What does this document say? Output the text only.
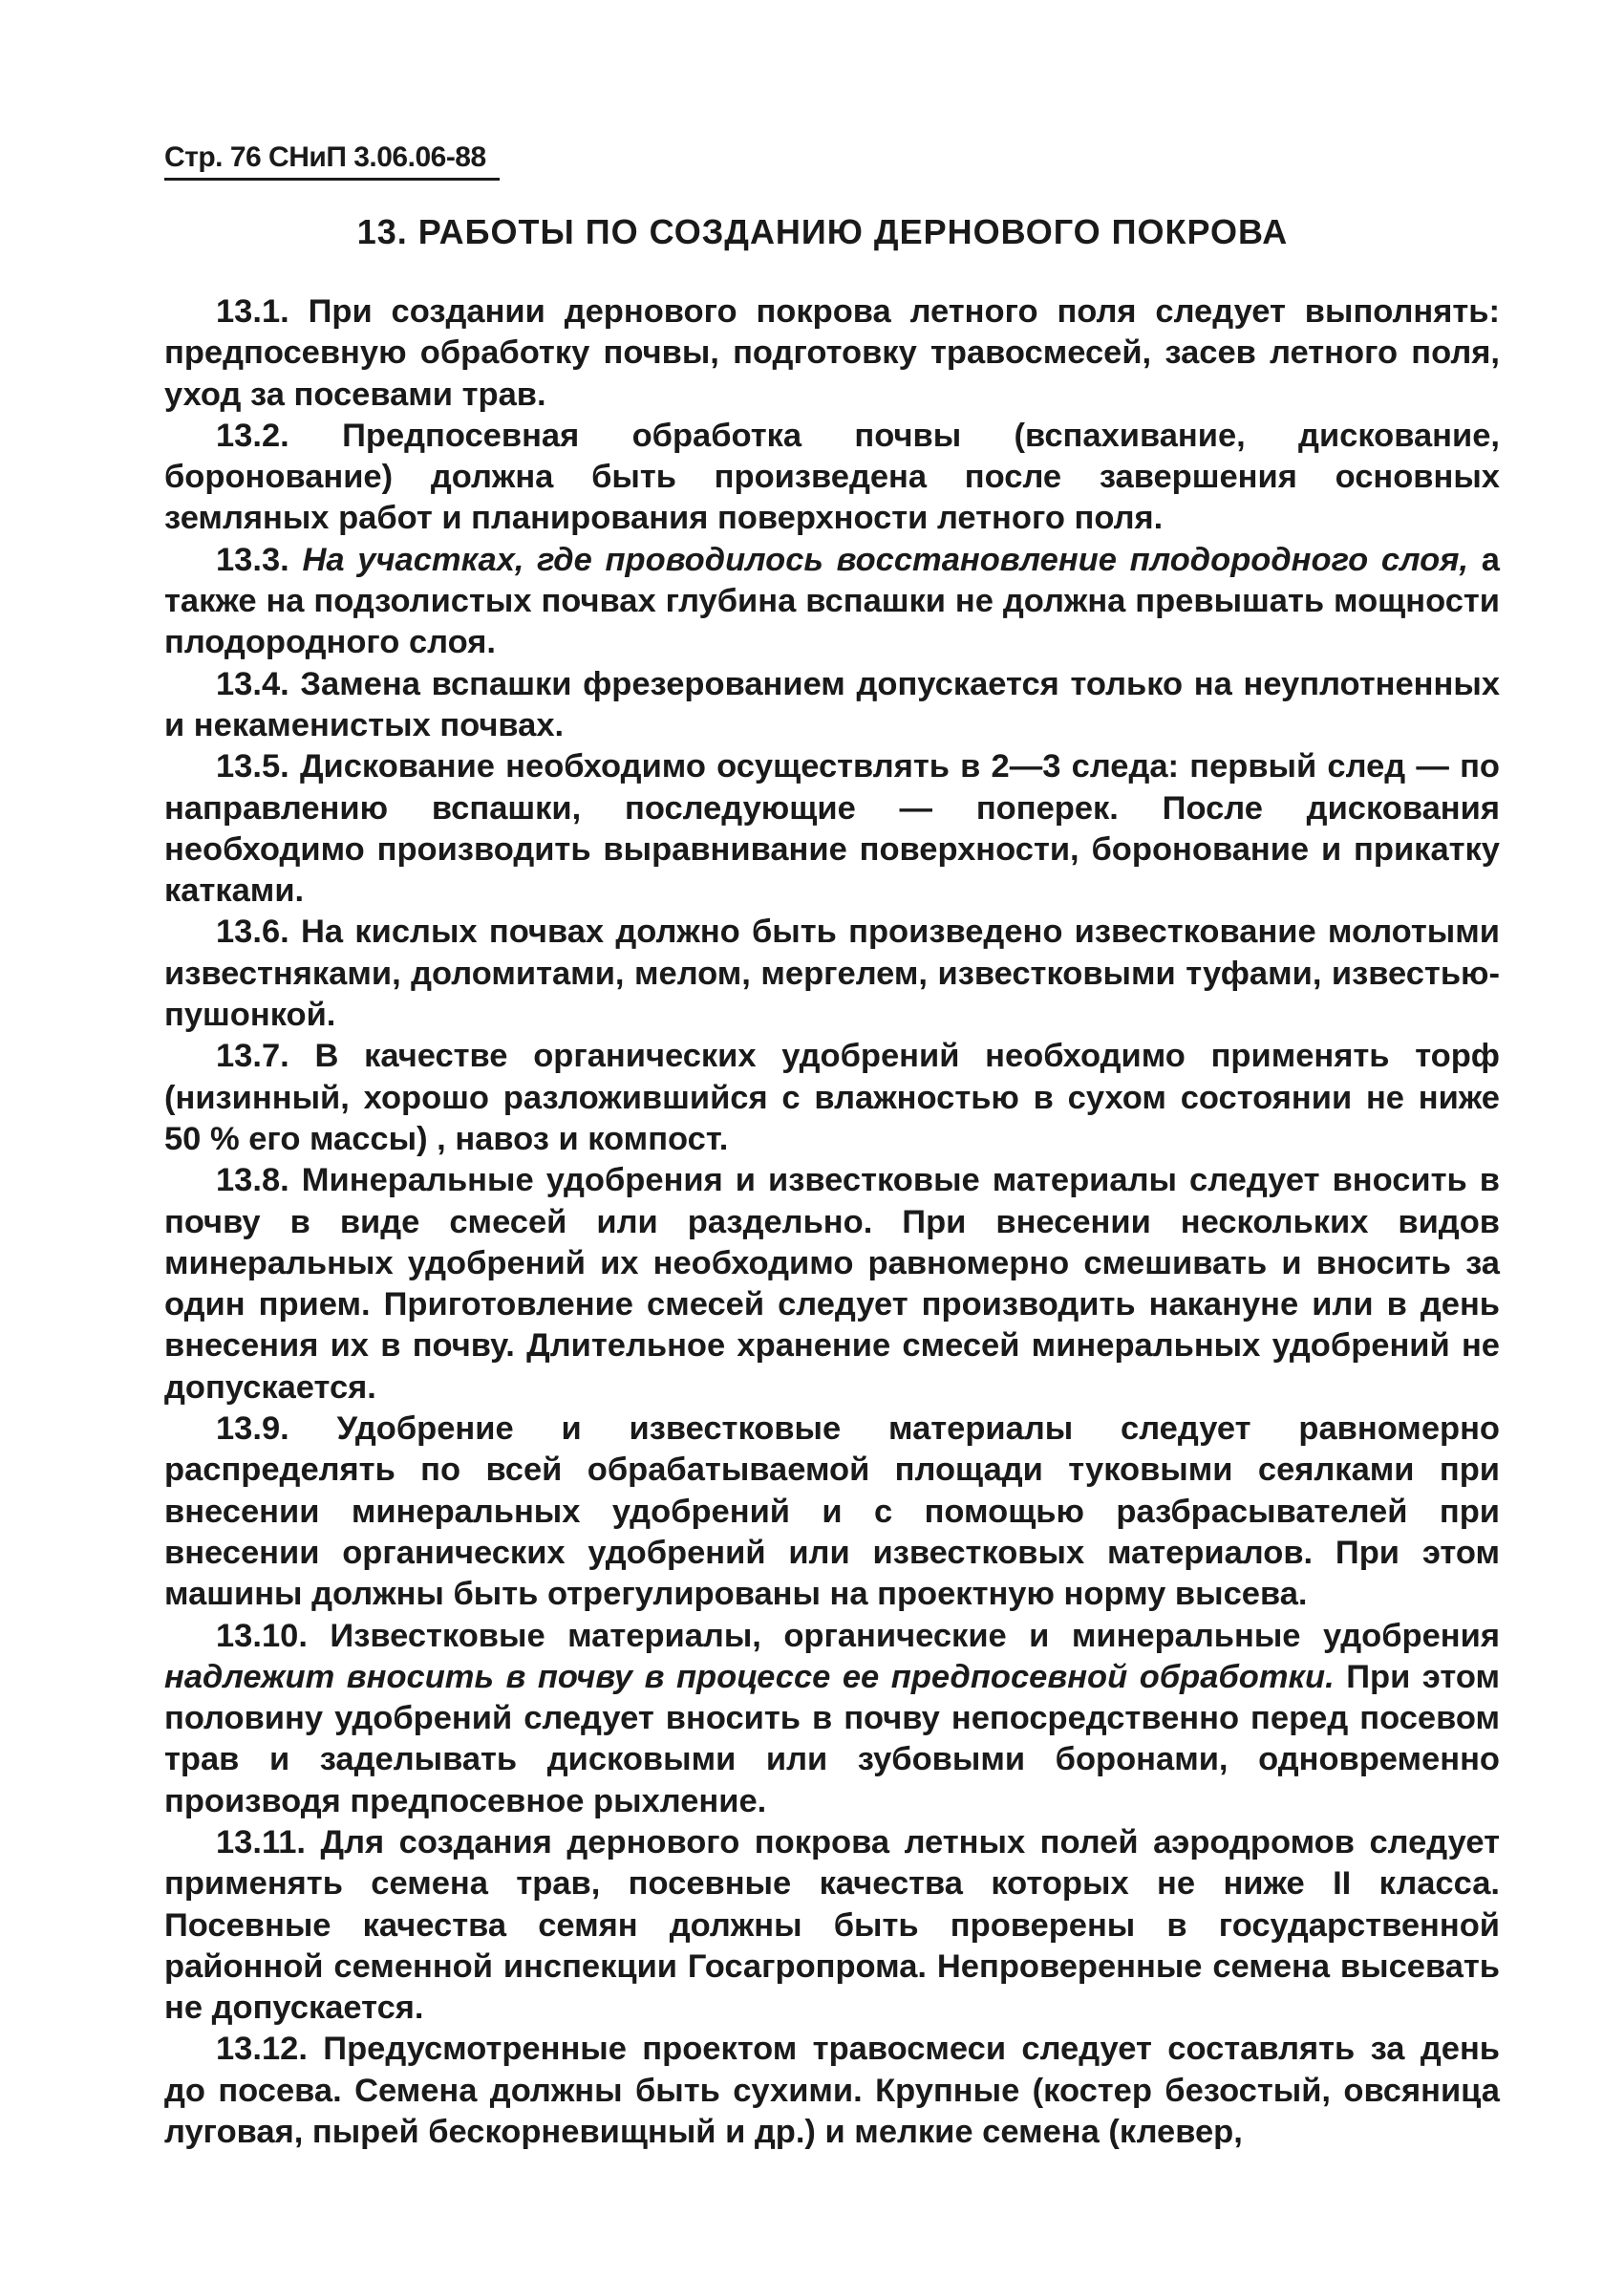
Стр. 76 СНиП 3.06.06-88
13. РАБОТЫ ПО СОЗДАНИЮ ДЕРНОВОГО ПОКРОВА

13.1. При создании дернового покрова летного поля следует выполнять: предпосевную обработку почвы, подготовку травосмесей, засев летного поля, уход за посевами трав.

13.2. Предпосевная обработка почвы (вспахивание, дискование, боронование) должна быть произведена после завершения основных земляных работ и планирования поверхности летного поля.

13.3. На участках, где проводилось восстановление плодородного слоя, а также на подзолистых почвах глубина вспашки не должна превышать мощности плодородного слоя.

13.4. Замена вспашки фрезерованием допускается только на неуплотненных и некаменистых почвах.

13.5. Дискование необходимо осуществлять в 2—3 следа: первый след — по направлению вспашки, последующие — поперек. После дискования необходимо производить выравнивание поверхности, боронование и прикатку катками.

13.6. На кислых почвах должно быть произведено известкование молотыми известняками, доломитами, мелом, мергелем, известковыми туфами, известью-пушонкой.

13.7. В качестве органических удобрений необходимо применять торф (низинный, хорошо разложившийся с влажностью в сухом состоянии не ниже 50 % его массы) , навоз и компост.

13.8. Минеральные удобрения и известковые материалы следует вносить в почву в виде смесей или раздельно. При внесении нескольких видов минеральных удобрений их необходимо равномерно смешивать и вносить за один прием. Приготовление смесей следует производить накануне или в день внесения их в почву. Длительное хранение смесей минеральных удобрений не допускается.

13.9. Удобрение и известковые материалы следует равномерно распределять по всей обрабатываемой площади туковыми сеялками при внесении минеральных удобрений и с помощью разбрасывателей при внесении органических удобрений или известковых материалов. При этом машины должны быть отрегулированы на проектную норму высева.

13.10. Известковые материалы, органические и минеральные удобрения надлежит вносить в почву в процессе ее предпосевной обработки. При этом половину удобрений следует вносить в почву непосредственно перед посевом трав и заделывать дисковыми или зубовыми боронами, одновременно производя предпосевное рыхление.

13.11. Для создания дернового покрова летных полей аэродромов следует применять семена трав, посевные качества которых не ниже II класса. Посевные качества семян должны быть проверены в государственной районной семенной инспекции Госагропрома. Непроверенные семена высевать не допускается.

13.12. Предусмотренные проектом травосмеси следует составлять за день до посева. Семена должны быть сухими. Крупные (костер безостый, овсяница луговая, пырей бескорневищный и др.) и мелкие семена (клевер,
